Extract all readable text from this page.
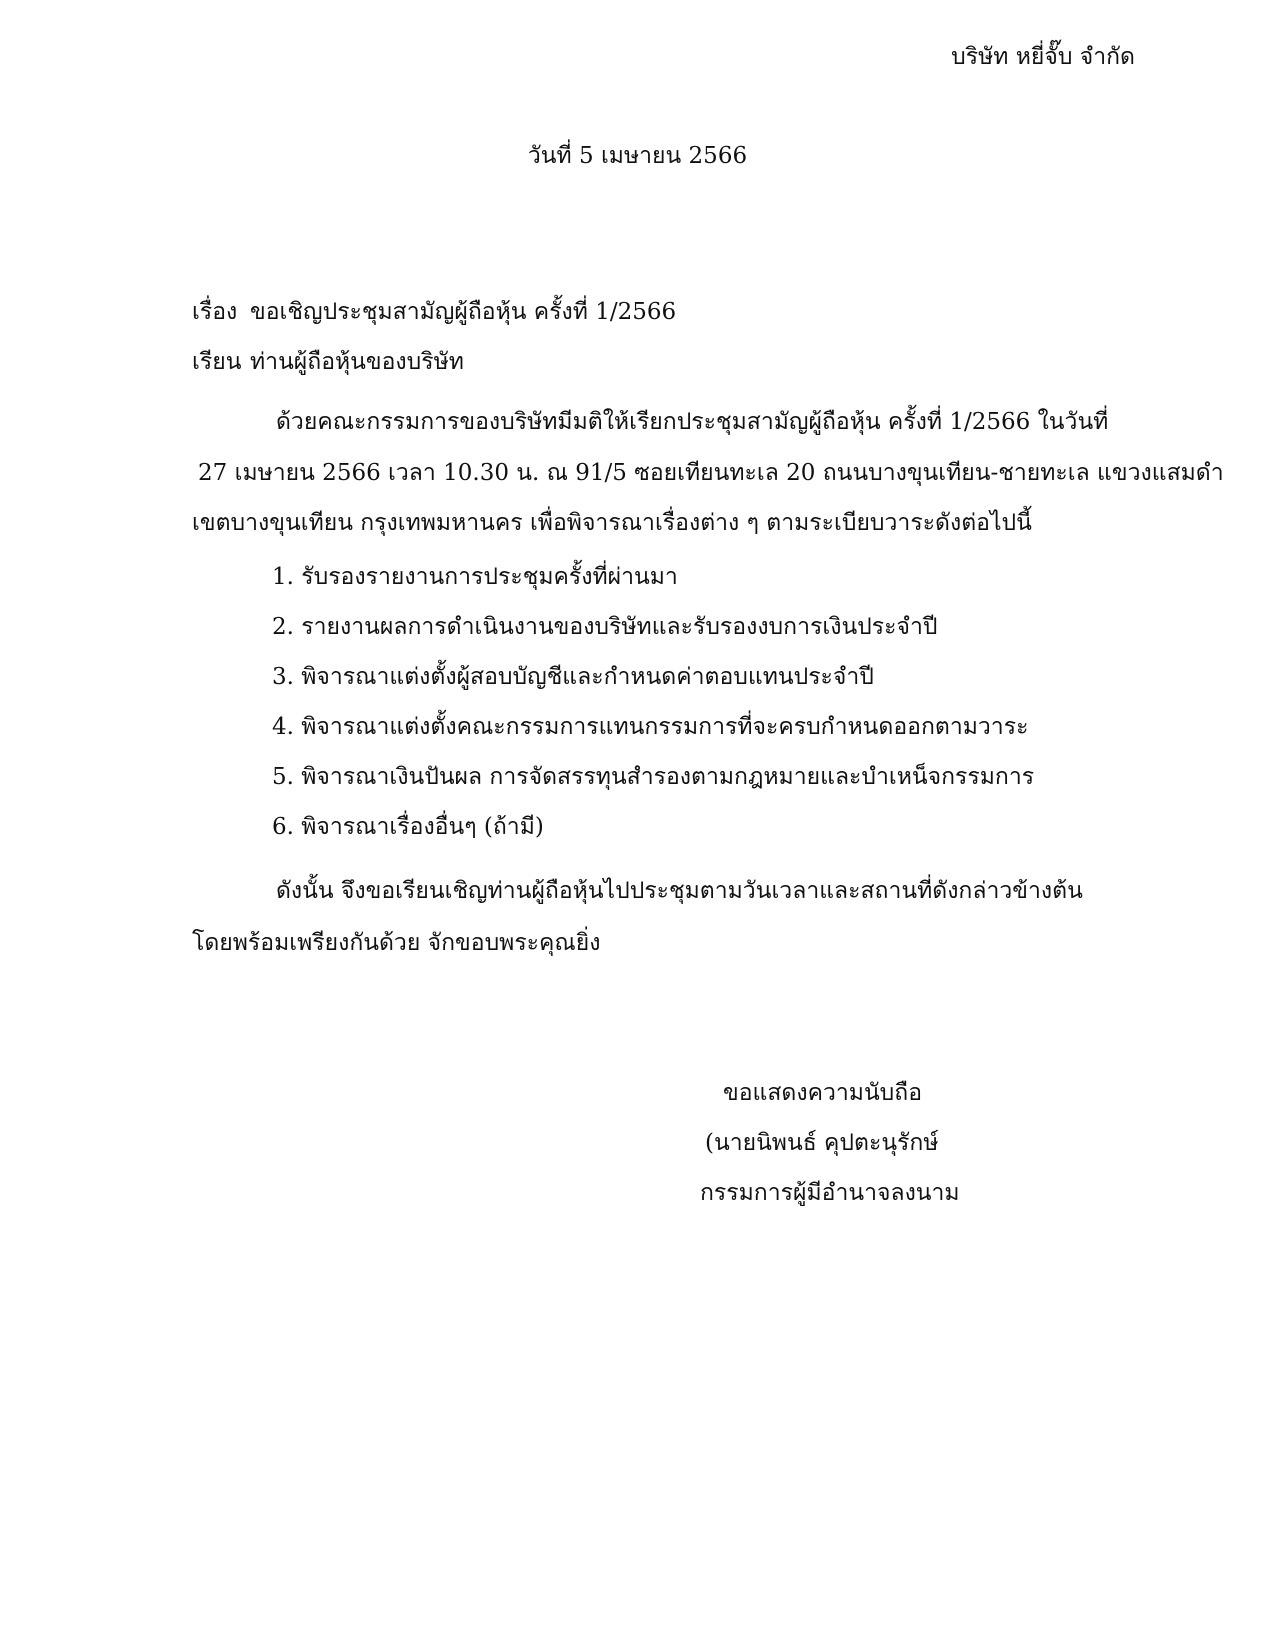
บริษัท หยี่จั๊บ จำกัด
วันที่ 5 เมษายน 2566
เรื่อง ขอเชิญประชุมสามัญผู้ถือหุ้น ครั้งที่ 1/2566
เรียน ท่านผู้ถือหุ้นของบริษัท
ด้วยคณะกรรมการของบริษัทมีมติให้เรียกประชุมสามัญผู้ถือหุ้น ครั้งที่ 1/2566 ในวันที่
27 เมษายน 2566 เวลา 10.30 น. ณ 91/5 ซอยเทียนทะเล 20 ถนนบางขุนเทียน-ชายทะเล แขวงแสมดำ
เขตบางขุนเทียน กรุงเทพมหานคร เพื่อพิจารณาเรื่องต่าง ๆ ตามระเบียบวาระดังต่อไปนี้
1. รับรองรายงานการประชุมครั้งที่ผ่านมา
2. รายงานผลการดำเนินงานของบริษัทและรับรองงบการเงินประจำปี
3. พิจารณาแต่งตั้งผู้สอบบัญชีและกำหนดค่าตอบแทนประจำปี
4. พิจารณาแต่งตั้งคณะกรรมการแทนกรรมการที่จะครบกำหนดออกตามวาระ
5. พิจารณาเงินปันผล การจัดสรรทุนสำรองตามกฎหมายและบำเหน็จกรรมการ
6. พิจารณาเรื่องอื่นๆ (ถ้ามี)
ดังนั้น จึงขอเรียนเชิญท่านผู้ถือหุ้นไปประชุมตามวันเวลาและสถานที่ดังกล่าวข้างต้น
โดยพร้อมเพรียงกันด้วย จักขอบพระคุณยิ่ง
ขอแสดงความนับถือ
(นายนิพนธ์ คุปตะนุรักษ์
กรรมการผู้มีอำนาจลงนาม
